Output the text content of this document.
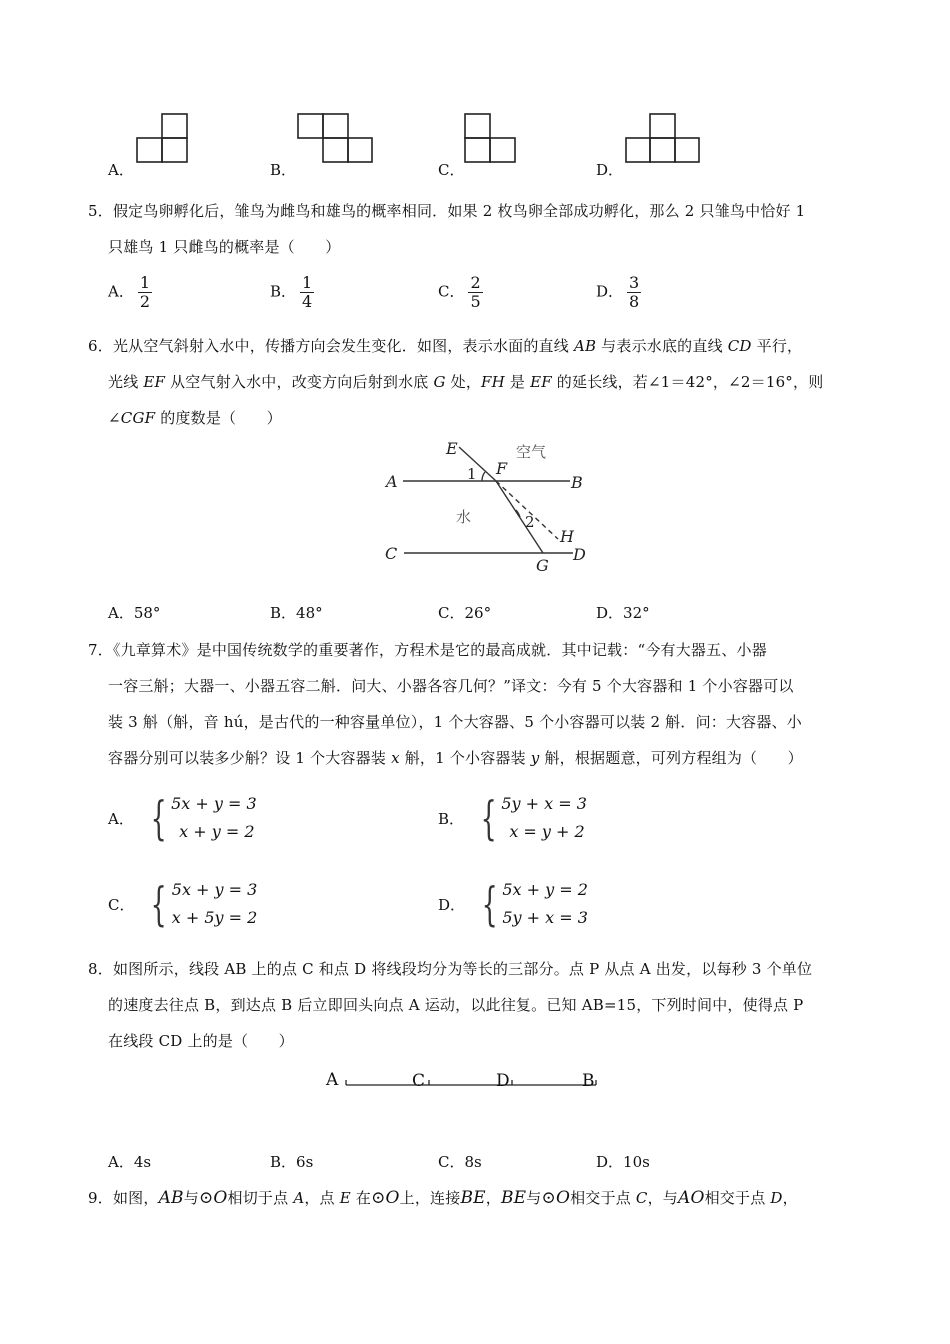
A．	B．	C．	D．
5．假定鸟卵孵化后，雏鸟为雌鸟和雄鸟的概率相同．如果 2 枚鸟卵全部成功孵化，那么 2 只雏鸟中恰好 1
只雄鸟 1 只雌鸟的概率是（　　）
A． $\frac{1}{2}$	B． $\frac{1}{4}$	C． $\frac{2}{5}$	D． $\frac{3}{8}$
6．光从空气斜射入水中，传播方向会发生变化．如图，表示水面的直线 AB 与表示水底的直线 CD 平行，
光线 EF 从空气射入水中，改变方向后射到水底 G 处，FH 是 EF 的延长线，若∠1＝42°，∠2＝16°，则
∠CGF 的度数是（　　）
E
F
A	B
C	D
G
H
1
2
空气
水
A．58°	B．48°	C．26°	D．32°
7．《九章算术》是中国传统数学的重要著作，方程术是它的最高成就．其中记载：“今有大器五、小器
一容三斛；大器一、小器五容二斛．问大、小器各容几何？”译文：今有 5 个大容器和 1 个小容器可以
装 3 斛（斛，音 hú，是古代的一种容量单位），1 个大容器、5 个小容器可以装 2 斛．问：大容器、小
容器分别可以装多少斛？设 1 个大容器装 x 斛，1 个小容器装 y 斛，根据题意，可列方程组为（　　）
A． { 5x + y = 3
x + y = 2
B． { 5y + x = 3
x = y + 2
C． { 5x + y = 3
x + 5y = 2
D． { 5x + y = 2
5y + x = 3
8．如图所示，线段 AB 上的点 C 和点 D 将线段均分为等长的三部分。点 P 从点 A 出发，以每秒 3 个单位
的速度去往点 B，到达点 B 后立即回头向点 A 运动，以此往复。已知 AB=15，下列时间中，使得点 P
在线段 CD 上的是（　　）
A	C	D	B
A．4s	B．6s	C．8s	D．10s
9．如图，AB与⊙O相切于点 A，点 E 在⊙O上，连接BE，BE与⊙O相交于点 C，与AO相交于点 D，
